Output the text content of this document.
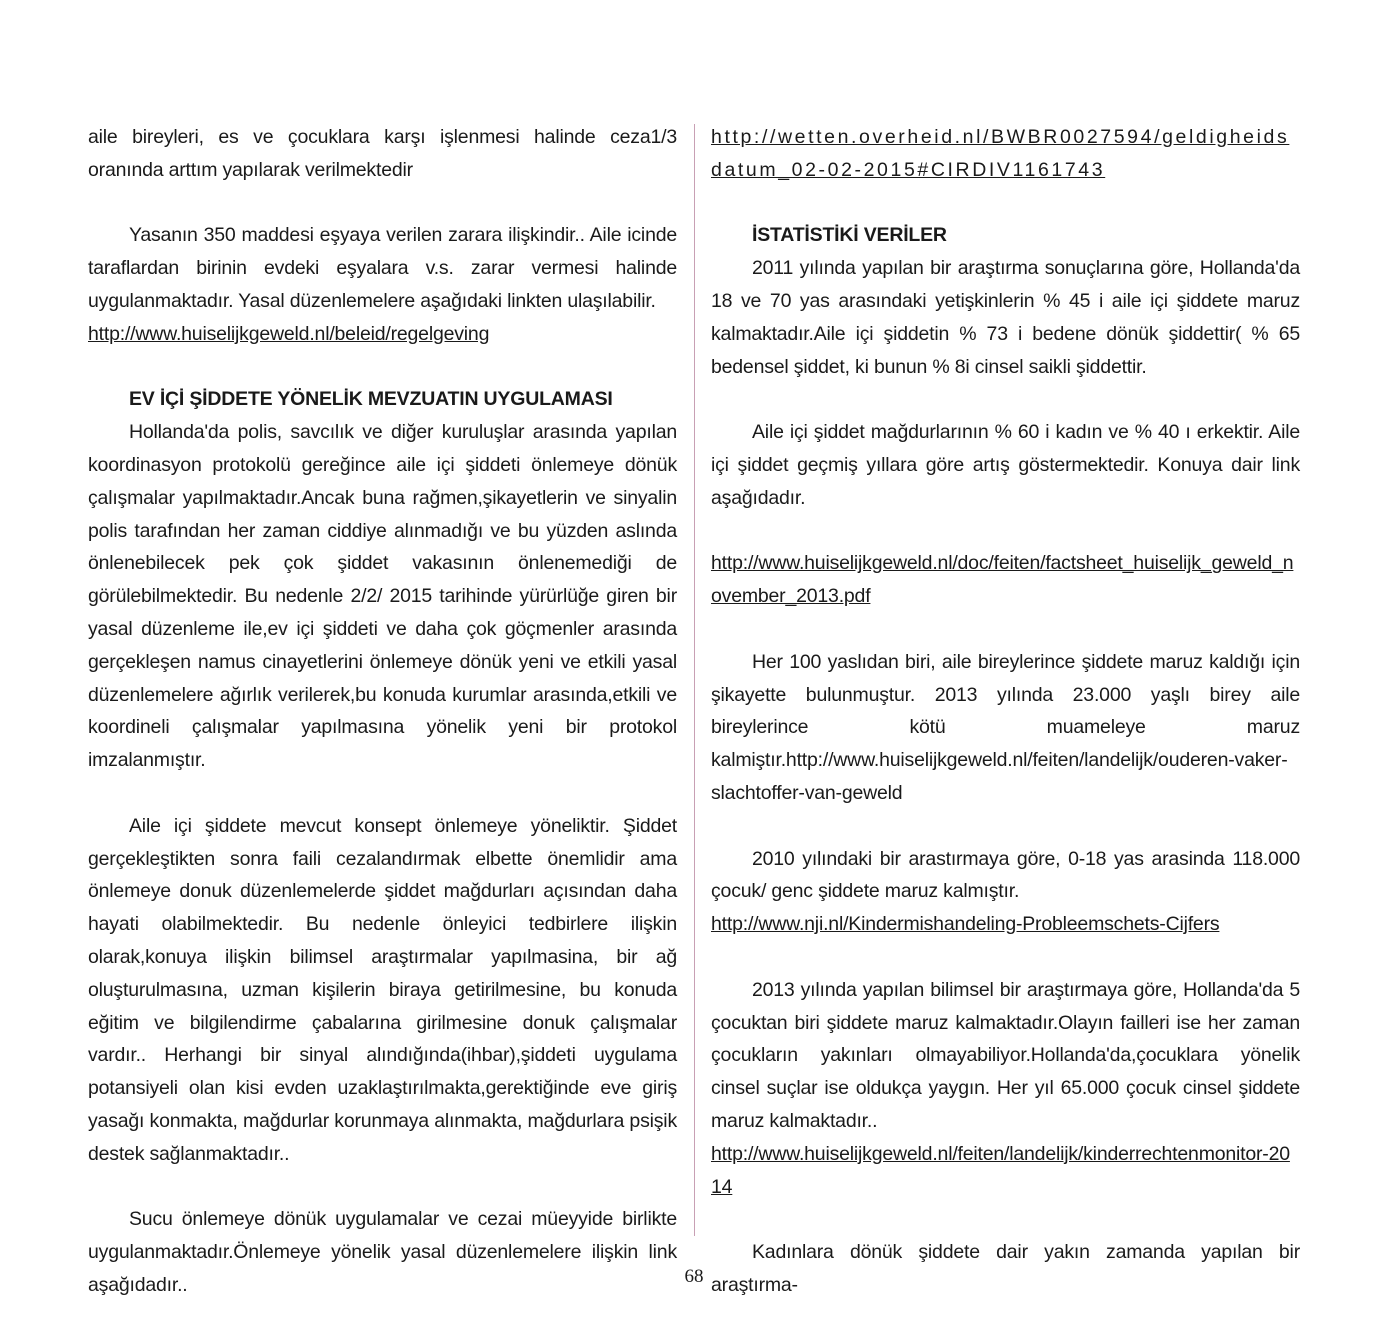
aile bireyleri, es ve çocuklara karşı işlenmesi halinde ceza1/3 oranında arttım yapılarak verilmektedir

Yasanın 350 maddesi eşyaya verilen zarara ilişkindir.. Aile icinde taraflardan birinin evdeki eşyalara v.s. zarar vermesi halinde uygulanmaktadır. Yasal düzenlemelere aşağıdaki linkten ulaşılabilir.

http://www.huiselijkgeweld.nl/beleid/regelgeving

EV İÇİ ŞİDDETE YÖNELİK MEVZUATIN UYGULAMASI

Hollanda'da polis, savcılık ve diğer kuruluşlar arasında yapılan koordinasyon protokolü gereğince aile içi şiddeti önlemeye dönük çalışmalar yapılmaktadır.Ancak buna rağmen,şikayetlerin ve sinyalin polis tarafından her zaman ciddiye alınmadığı ve bu yüzden aslında önlenebilecek pek çok şiddet vakasının önlenemediği de görülebilmektedir. Bu nedenle 2/2/ 2015 tarihinde yürürlüğe giren bir yasal düzenleme ile,ev içi şiddeti ve daha çok göçmenler arasında gerçekleşen namus cinayetlerini önlemeye dönük yeni ve etkili yasal düzenlemelere ağırlık verilerek,bu konuda kurumlar arasında,etkili ve koordineli çalışmalar yapılmasına yönelik yeni bir protokol imzalanmıştır.

Aile içi şiddete mevcut konsept önlemeye yöneliktir. Şiddet gerçekleştikten sonra faili cezalandırmak elbette önemlidir ama önlemeye donuk düzenlemelerde şiddet mağdurları açısından daha hayati olabilmektedir. Bu nedenle önleyici tedbirlere ilişkin olarak,konuya ilişkin bilimsel araştırmalar yapılmasina, bir ağ oluşturulmasına, uzman kişilerin biraya getirilmesine, bu konuda eğitim ve bilgilendirme çabalarına girilmesine donuk çalışmalar vardır.. Herhangi bir sinyal alındığında(ihbar),şiddeti uygulama potansiyeli olan kisi evden uzaklaştırılmakta,gerektiğinde eve giriş yasağı konmakta, mağdurlar korunmaya alınmakta, mağdurlara psişik destek sağlanmaktadır..

Sucu önlemeye dönük uygulamalar ve cezai müeyyide birlikte uygulanmaktadır.Önlemeye yönelik yasal düzenlemelere ilişkin link aşağıdadır..

http://wetten.overheid.nl/BWBR0027594/geldigheidsdatum_02-02-2015#CIRDIV1161743

İSTATİSTİKİ VERİLER

2011 yılında yapılan bir araştırma sonuçlarına göre, Hollanda'da 18 ve 70 yas arasındaki yetişkinlerin % 45 i aile içi şiddete maruz kalmaktadır.Aile içi şiddetin % 73 i bedene dönük şiddettir( % 65 bedensel şiddet, ki bunun % 8i cinsel saikli şiddettir.

Aile içi şiddet mağdurlarının % 60 i kadın ve % 40 ı erkektir. Aile içi şiddet geçmiş yıllara göre artış göstermektedir. Konuya dair link aşağıdadır.

http://www.huiselijkgeweld.nl/doc/feiten/factsheet_huiselijk_geweld_november_2013.pdf

Her 100 yaslıdan biri, aile bireylerince şiddete maruz kaldığı için şikayette bulunmuştur. 2013 yılında 23.000 yaşlı birey aile bireylerince kötü muameleye maruz kalmiştır.http://www.huiselijkgeweld.nl/feiten/landelijk/ouderen-vaker-slachtoffer-van-geweld

2010 yılındaki bir arastırmaya göre, 0-18 yas arasinda 118.000 çocuk/ genc şiddete maruz kalmıştır.

http://www.nji.nl/Kindermishandeling-Probleemschets-Cijfers

2013 yılında yapılan bilimsel bir araştırmaya göre, Hollanda'da 5 çocuktan biri şiddete maruz kalmaktadır.Olayın failleri ise her zaman çocukların yakınları olmayabiliyor.Hollanda'da,çocuklara yönelik cinsel suçlar ise oldukça yaygın. Her yıl 65.000 çocuk cinsel şiddete maruz kalmaktadır..

http://www.huiselijkgeweld.nl/feiten/landelijk/kinderrechtenmonitor-2014

Kadınlara dönük şiddete dair yakın zamanda yapılan bir araştırma-

68
